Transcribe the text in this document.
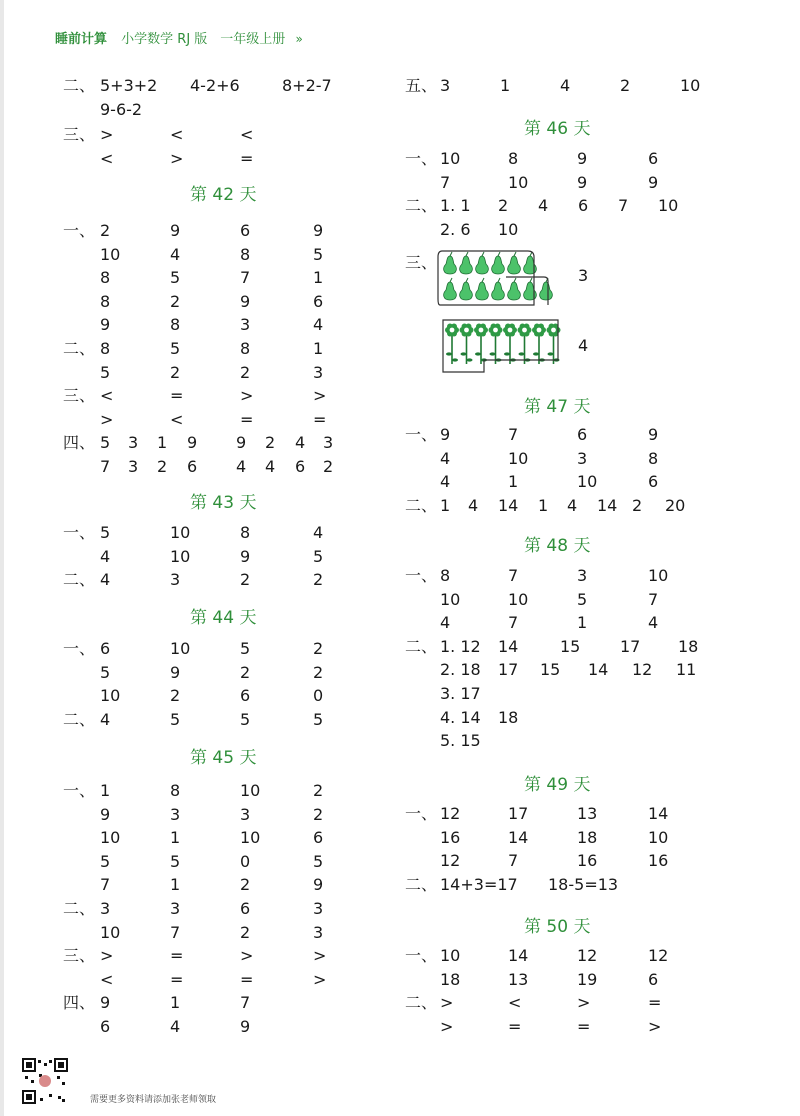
睡前计算 小学数学 RJ 版　一年级上册 »
二、 5+3+2 4-2+6	8+2-7
9-6-2
三、 >	<	<
<	>	=
第 42 天
一、 2	9	6	9
10	4	8	5
8	5	7	1
8	2	9	6
9	8	3	4
二、 8	5	8	1
5	2	2	3
三、 <	=	>	>
>	<	=	=
四、 5 3 1 9 9 2 4 3
7 3 2 6 4 4 6 2
第 43 天
一、 5	10	8	4
4	10	9	5
二、 4	3	2	2
第 44 天
一、 6	10	5	2
5	9	2	2
10	2	6	0
二、 4	5	5	5
第 45 天
一、 1	8	10	2
9	3	3	2
10	1	10	6
5	5	0	5
7	1	2	9
二、 3	3	6	3
10	7	2	3
三、 >	=	>	>
<	=	=	>
四、 9	1	7
6	4	9
五、 3	1	4	2	10
第 46 天
一、 10	8	9	6
7	10	9	9
二、 1. 1 2 4 6 7 10
2. 6 10
第 47 天
一、 9	7	6	9
4	10	3	8
4	1	10	6
二、 1 4 14 1 4 14 2 20
第 48 天
一、 8	7	3	10
10	10	5	7
4	7	1	4
二、 1. 12 14	15 17 18
2. 18 17 15 14 12 11
3. 17
4. 14 18
5. 15
第 49 天
一、 12	17	13	14
16	14	18	10
12	7	16	16
二、 14+3=17 18-5=13
第 50 天
一、 10	14	12	12
18	13	19	6
二、 >	<	>	=
>	=	=	>
三、
3
4
需要更多资料请添加张老师领取
